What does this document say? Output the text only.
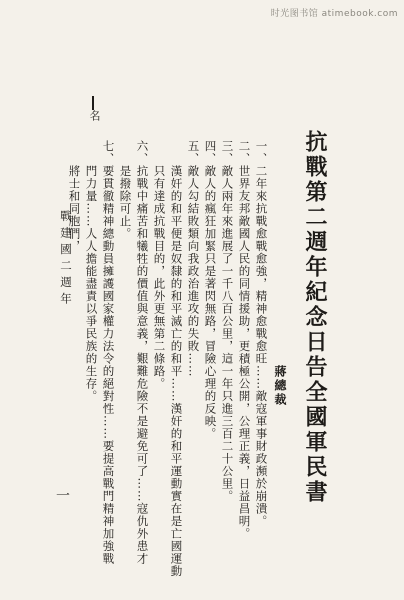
时光图书馆 atimebook.com
抗戰第二週年紀念日告全國軍民書
蔣總裁
一、二年來抗戰愈戰愈強，精神愈戰愈旺……敵寇軍事財政瀕於崩潰。
二、世界友邦敵國人民的同情援助，更積極公開，公理正義，日益昌明。
三、敵人兩年來進展了一千八百公里，這一年只進三百二十公里。
四、敵人的瘋狂加緊只是著閃無路，冒險心理的反映。
五、敵人勾結敗類向我政治進攻的失敗……
　　漢奸的和平便是奴隸的和平滅亡的和平……漢奸的和平運動實在是亡國運動
　　只有達成抗戰目的，此外更無第二條路。
六、抗戰中痛苦和犧牲的價值與意義，艱難危險不是避免可了……寇仇外患才
　　是撥除可止。
七、要貫徹精神總動員擁護國家權力法令的絕對性……要提高戰門精神加強戰
　　門力量……人人擔能盡責以爭民族的生存。
　　將士和同胞們，
名
戰建國二週年
一
